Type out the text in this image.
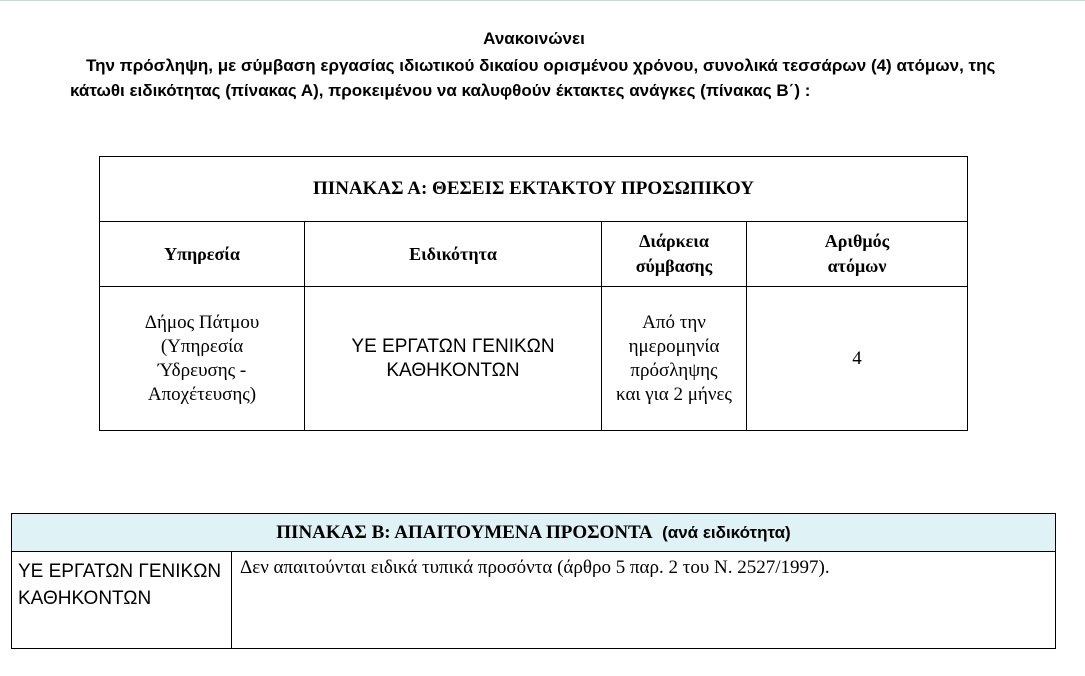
Ανακοινώνει
Την πρόσληψη, με σύμβαση εργασίας ιδιωτικού δικαίου ορισμένου χρόνου, συνολικά τεσσάρων (4) ατόμων, της κάτωθι ειδικότητας (πίνακας Α), προκειμένου να καλυφθούν έκτακτες ανάγκες (πίνακας Β΄) :
ΠΙΝΑΚΑΣ Α: ΘΕΣΕΙΣ ΕΚΤΑΚΤΟΥ ΠΡΟΣΩΠΙΚΟΥ			
Υπηρεσία	Ειδικότητα	Διάρκεια σύμβασης	Αριθμός ατόμων
Δήμος Πάτμου (Υπηρεσία Ύδρευσης - Αποχέτευσης)	ΥΕ ΕΡΓΑΤΩΝ ΓΕΝΙΚΩΝ ΚΑΘΗΚΟΝΤΩΝ	Από την ημερομηνία πρόσληψης και για 2 μήνες	4
ΠΙΝΑΚΑΣ Β: ΑΠΑΙΤΟΥΜΕΝΑ ΠΡΟΣΟΝΤΑ (ανά ειδικότητα)
ΥΕ ΕΡΓΑΤΩΝ ΓΕΝΙΚΩΝ ΚΑΘΗΚΟΝΤΩΝ	Δεν απαιτούνται ειδικά τυπικά προσόντα (άρθρο 5 παρ. 2 του Ν. 2527/1997).
